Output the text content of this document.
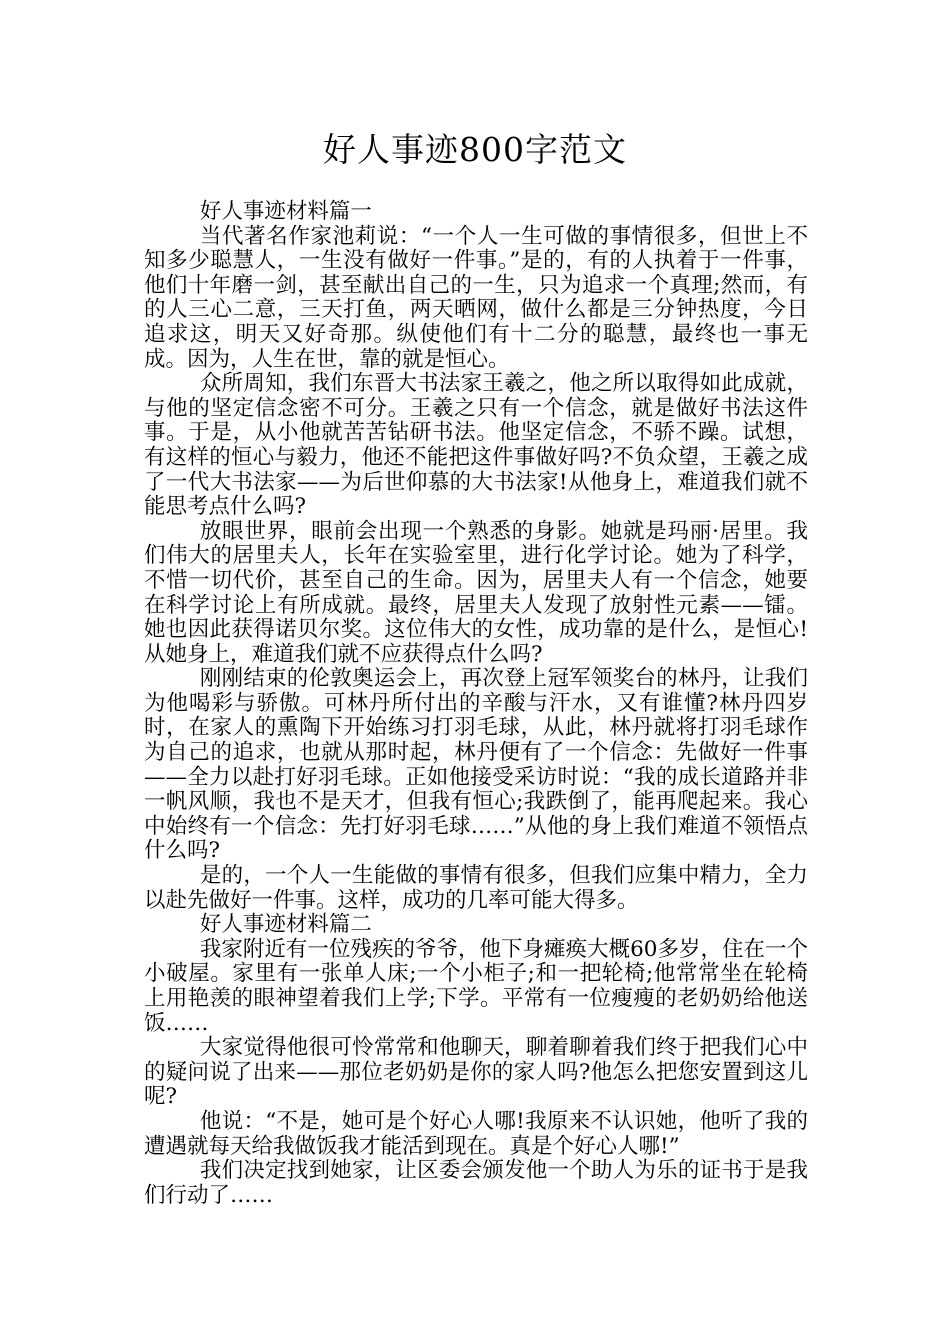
好人事迹800字范文

好人事迹材料篇一

当代著名作家池莉说：“一个人一生可做的事情很多，但世上不知多少聪慧人，一生没有做好一件事。”是的，有的人执着于一件事，他们十年磨一剑，甚至献出自己的一生，只为追求一个真理;然而，有的人三心二意，三天打鱼，两天晒网，做什么都是三分钟热度，今日追求这，明天又好奇那。纵使他们有十二分的聪慧，最终也一事无成。因为，人生在世，靠的就是恒心。

众所周知，我们东晋大书法家王羲之，他之所以取得如此成就，与他的坚定信念密不可分。王羲之只有一个信念，就是做好书法这件事。于是，从小他就苦苦钻研书法。他坚定信念，不骄不躁。试想，有这样的恒心与毅力，他还不能把这件事做好吗?不负众望，王羲之成了一代大书法家——为后世仰慕的大书法家!从他身上，难道我们就不能思考点什么吗?

放眼世界，眼前会出现一个熟悉的身影。她就是玛丽·居里。我们伟大的居里夫人，长年在实验室里，进行化学讨论。她为了科学，不惜一切代价，甚至自己的生命。因为，居里夫人有一个信念，她要在科学讨论上有所成就。最终，居里夫人发现了放射性元素——镭。她也因此获得诺贝尔奖。这位伟大的女性，成功靠的是什么，是恒心!从她身上，难道我们就不应获得点什么吗?

刚刚结束的伦敦奥运会上，再次登上冠军领奖台的林丹，让我们为他喝彩与骄傲。可林丹所付出的辛酸与汗水，又有谁懂?林丹四岁时，在家人的熏陶下开始练习打羽毛球，从此，林丹就将打羽毛球作为自己的追求，也就从那时起，林丹便有了一个信念：先做好一件事——全力以赴打好羽毛球。正如他接受采访时说：“我的成长道路并非一帆风顺，我也不是天才，但我有恒心;我跌倒了，能再爬起来。我心中始终有一个信念：先打好羽毛球……”从他的身上我们难道不领悟点什么吗?

是的，一个人一生能做的事情有很多，但我们应集中精力，全力以赴先做好一件事。这样，成功的几率可能大得多。

好人事迹材料篇二

我家附近有一位残疾的爷爷，他下身瘫痪大概60多岁，住在一个小破屋。家里有一张单人床;一个小柜子;和一把轮椅;他常常坐在轮椅上用艳羡的眼神望着我们上学;下学。平常有一位瘦瘦的老奶奶给他送饭……

大家觉得他很可怜常常和他聊天，聊着聊着我们终于把我们心中的疑问说了出来——那位老奶奶是你的家人吗?他怎么把您安置到这儿呢?

他说：“不是，她可是个好心人哪!我原来不认识她，他听了我的遭遇就每天给我做饭我才能活到现在。真是个好心人哪!”

我们决定找到她家，让区委会颁发他一个助人为乐的证书于是我们行动了……
